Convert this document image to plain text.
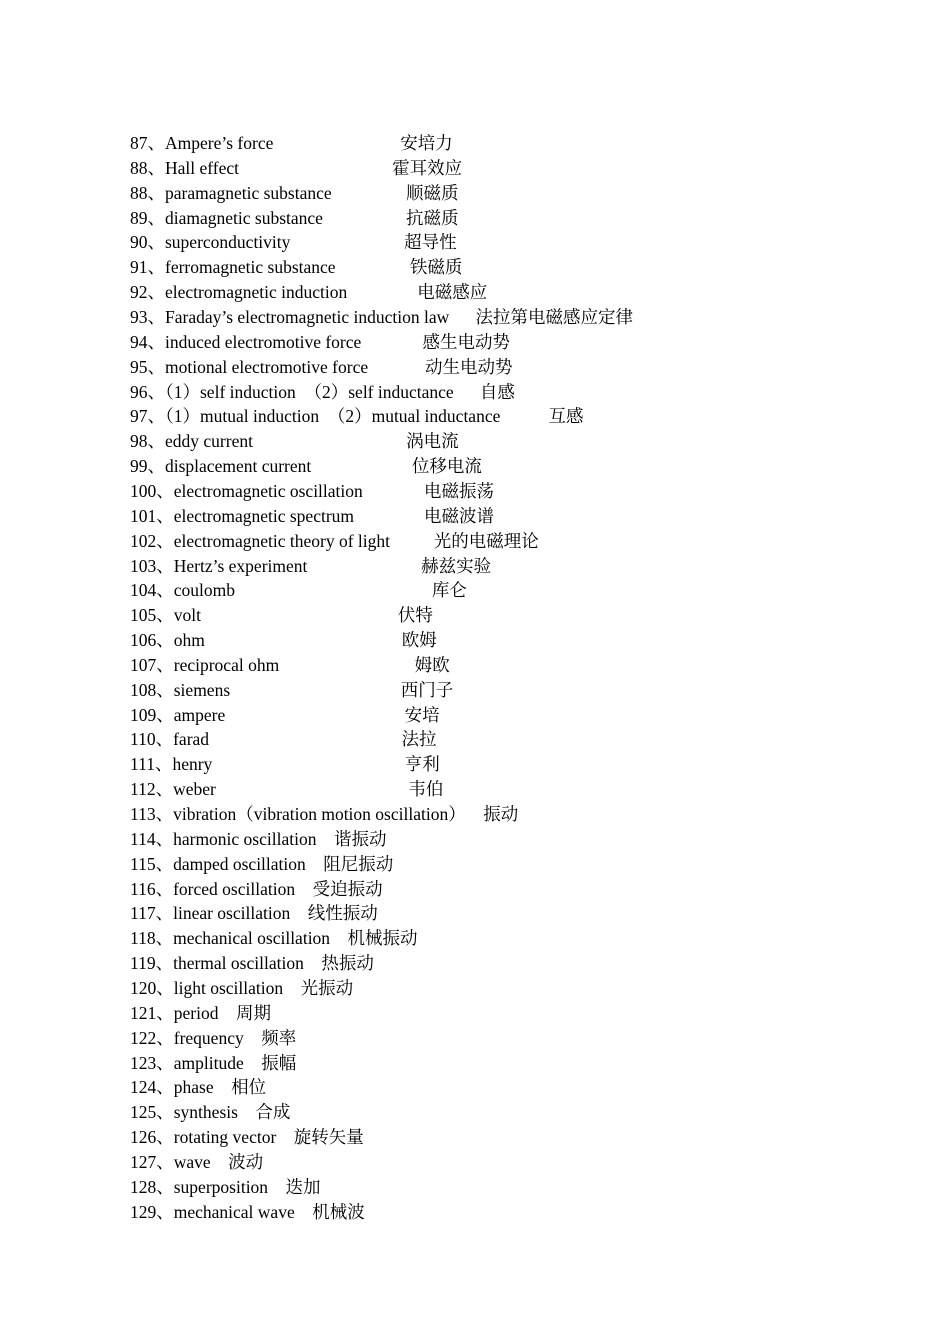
87、Ampere’s force                             安培力
88、Hall effect                                   霍耳效应
88、paramagnetic substance                 顺磁质
89、diamagnetic substance                   抗磁质
90、superconductivity                          超导性
91、ferromagnetic substance                 铁磁质
92、electromagnetic induction                电磁感应
93、Faraday’s electromagnetic induction law      法拉第电磁感应定律
94、induced electromotive force              感生电动势
95、motional electromotive force             动生电动势
96、（1）self induction  （2）self inductance      自感
97、（1）mutual induction  （2）mutual inductance           互感
98、eddy current                                   涡电流
99、displacement current                       位移电流
100、electromagnetic oscillation              电磁振荡
101、electromagnetic spectrum                电磁波谱
102、electromagnetic theory of light          光的电磁理论
103、Hertz’s experiment                          赫兹实验
104、coulomb                                             库仑
105、volt                                             伏特
106、ohm                                             欧姆
107、reciprocal ohm                               姆欧
108、siemens                                       西门子
109、ampere                                         安培
110、farad                                            法拉
111、henry                                            亨利
112、weber                                            韦伯
113、vibration（vibration motion oscillation）    振动
114、harmonic oscillation    谐振动
115、damped oscillation    阻尼振动
116、forced oscillation    受迫振动
117、linear oscillation    线性振动
118、mechanical oscillation    机械振动
119、thermal oscillation    热振动
120、light oscillation    光振动
121、period    周期
122、frequency    频率
123、amplitude    振幅
124、phase    相位
125、synthesis    合成
126、rotating vector    旋转矢量
127、wave    波动
128、superposition    迭加
129、mechanical wave    机械波
